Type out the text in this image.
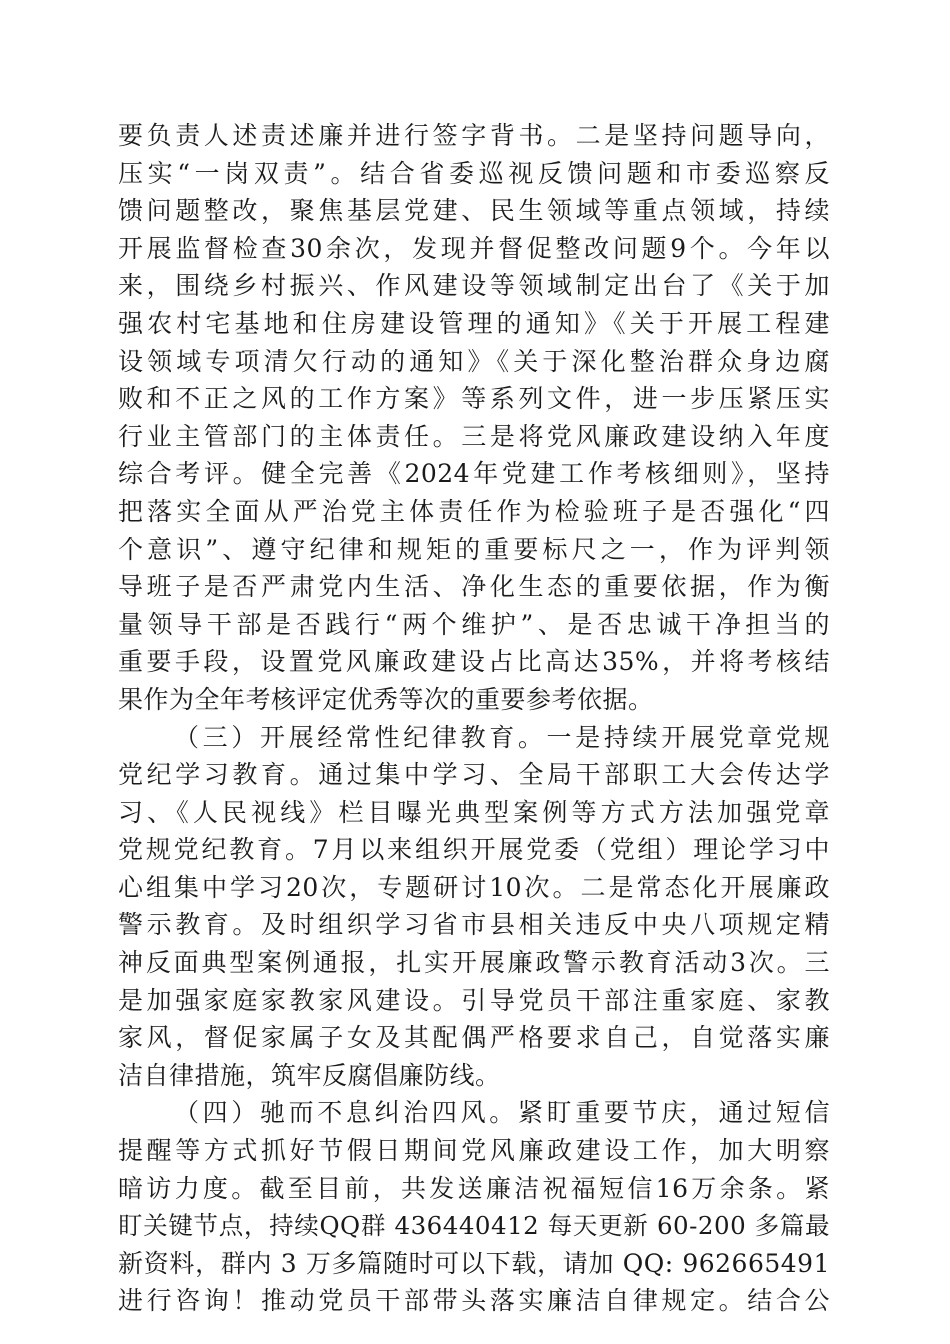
要负责人述责述廉并进行签字背书。二是坚持问题导向，
压实“一岗双责”。结合省委巡视反馈问题和市委巡察反
馈问题整改，聚焦基层党建、民生领域等重点领域，持续
开展监督检查30余次，发现并督促整改问题9个。今年以
来，围绕乡村振兴、作风建设等领域制定出台了《关于加
强农村宅基地和住房建设管理的通知》《关于开展工程建
设领域专项清欠行动的通知》《关于深化整治群众身边腐
败和不正之风的工作方案》等系列文件，进一步压紧压实
行业主管部门的主体责任。三是将党风廉政建设纳入年度
综合考评。健全完善《2024年党建工作考核细则》，坚持
把落实全面从严治党主体责任作为检验班子是否强化“四
个意识”、遵守纪律和规矩的重要标尺之一，作为评判领
导班子是否严肃党内生活、净化生态的重要依据，作为衡
量领导干部是否践行“两个维护”、是否忠诚干净担当的
重要手段，设置党风廉政建设占比高达35%，并将考核结
果作为全年考核评定优秀等次的重要参考依据。
（三）开展经常性纪律教育。一是持续开展党章党规
党纪学习教育。通过集中学习、全局干部职工大会传达学
习、《人民视线》栏目曝光典型案例等方式方法加强党章
党规党纪教育。7月以来组织开展党委（党组）理论学习中
心组集中学习20次，专题研讨10次。二是常态化开展廉政
警示教育。及时组织学习省市县相关违反中央八项规定精
神反面典型案例通报，扎实开展廉政警示教育活动3次。三
是加强家庭家教家风建设。引导党员干部注重家庭、家教
家风，督促家属子女及其配偶严格要求自己，自觉落实廉
洁自律措施，筑牢反腐倡廉防线。
（四）驰而不息纠治四风。紧盯重要节庆，通过短信
提醒等方式抓好节假日期间党风廉政建设工作，加大明察
暗访力度。截至目前，共发送廉洁祝福短信16万余条。紧
盯关键节点，持续QQ群 436440412 每天更新 60-200 多篇最
新资料，群内 3 万多篇随时可以下载，请加 QQ: 962665491
进行咨询！推动党员干部带头落实廉洁自律规定。结合公
